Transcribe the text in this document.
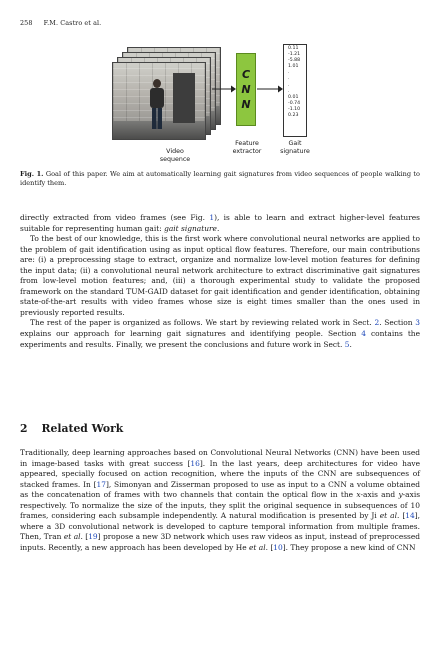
258 F.M. Castro et al.
Video
sequence
C
N
N
Feature
extractor
0.11
-1.21
-5.88
1.01
.
.
.
.
0.01
-0.74
-1.10
0.23
Gait
signature

Fig. 1. Goal of this paper. We aim at automatically learning gait signatures from video sequences of people walking to identify them.

directly extracted from video frames (see Fig. 1), is able to learn and extract higher-level features suitable for representing human gait: gait signature.

To the best of our knowledge, this is the first work where convolutional neural networks are applied to the problem of gait identification using as input optical flow features. Therefore, our main contributions are: (i) a preprocessing stage to extract, organize and normalize low-level motion features for defining the input data; (ii) a convolutional neural network architecture to extract discriminative gait signatures from low-level motion features; and, (iii) a thorough experimental study to validate the proposed framework on the standard TUM-GAID dataset for gait identification and gender identification, obtaining state-of-the-art results with video frames whose size is eight times smaller than the ones used in previously reported results.

The rest of the paper is organized as follows. We start by reviewing related work in Sect. 2. Section 3 explains our approach for learning gait signatures and identifying people. Section 4 contains the experiments and results. Finally, we present the conclusions and future work in Sect. 5.

2 Related Work

Traditionally, deep learning approaches based on Convolutional Neural Networks (CNN) have been used in image-based tasks with great success [16]. In the last years, deep architectures for video have appeared, specially focused on action recognition, where the inputs of the CNN are subsequences of stacked frames. In [17], Simonyan and Zisserman proposed to use as input to a CNN a volume obtained as the concatenation of frames with two channels that contain the optical flow in the x-axis and y-axis respectively. To normalize the size of the inputs, they split the original sequence in subsequences of 10 frames, considering each subsample independently. A natural modification is presented by Ji et al. [14], where a 3D convolutional network is developed to capture temporal information from multiple frames. Then, Tran et al. [19] propose a new 3D network which uses raw videos as input, instead of preprocessed inputs. Recently, a new approach has been developed by He et al. [10]. They propose a new kind of CNN
